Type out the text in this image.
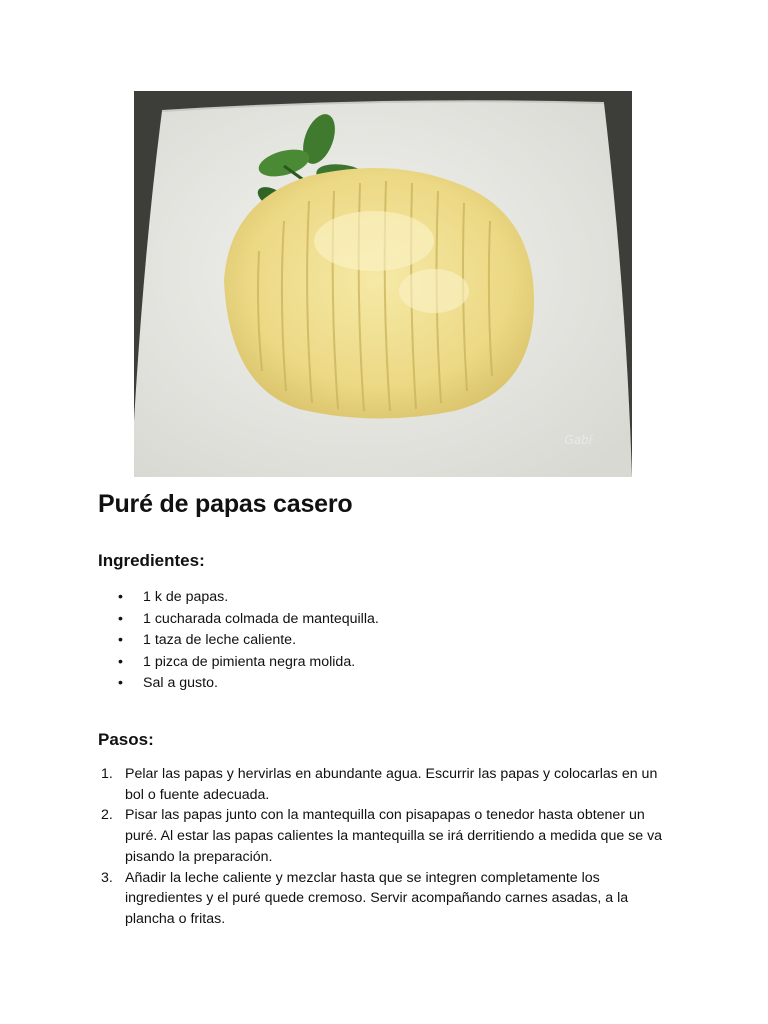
Gabí
Puré de papas casero
Ingredientes:
• 1 k de papas.
• 1 cucharada colmada de mantequilla.
• 1 taza de leche caliente.
• 1 pizca de pimienta negra molida.
• Sal a gusto.
Pasos:
1. Pelar las papas y hervirlas en abundante agua. Escurrir las papas y colocarlas en un bol o fuente adecuada.
2. Pisar las papas junto con la mantequilla con pisapapas o tenedor hasta obtener un puré. Al estar las papas calientes la mantequilla se irá derritiendo a medida que se va pisando la preparación.
3. Añadir la leche caliente y mezclar hasta que se integren completamente los ingredientes y el puré quede cremoso. Servir acompañando carnes asadas, a la plancha o fritas.
